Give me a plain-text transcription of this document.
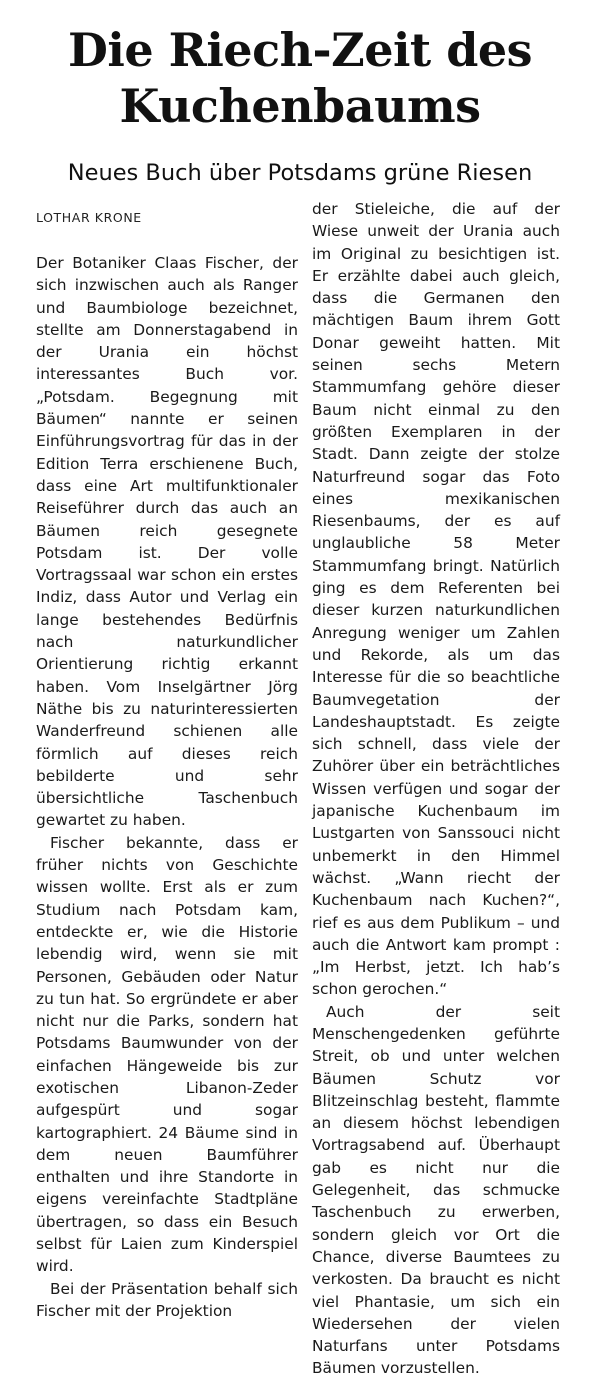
Die Riech-Zeit des Kuchenbaums
Neues Buch über Potsdams grüne Riesen
LOTHAR KRONE

Der Botaniker Claas Fischer, der sich inzwischen auch als Ranger und Baumbiologe bezeichnet, stellte am Donnerstagabend in der Urania ein höchst interessantes Buch vor. „Potsdam. Begegnung mit Bäumen“ nannte er seinen Einführungsvortrag für das in der Edition Terra erschienene Buch, dass eine Art multifunktionaler Reiseführer durch das auch an Bäumen reich gesegnete Potsdam ist. Der volle Vortragssaal war schon ein erstes Indiz, dass Autor und Verlag ein lange bestehendes Bedürfnis nach naturkundlicher Orientierung richtig erkannt haben. Vom Inselgärtner Jörg Näthe bis zu naturinteressierten Wanderfreund schienen alle förmlich auf dieses reich bebilderte und sehr übersichtliche Taschenbuch gewartet zu haben.

Fischer bekannte, dass er früher nichts von Geschichte wissen wollte. Erst als er zum Studium nach Potsdam kam, entdeckte er, wie die Historie lebendig wird, wenn sie mit Personen, Gebäuden oder Natur zu tun hat. So ergründete er aber nicht nur die Parks, sondern hat Potsdams Baumwunder von der einfachen Hängeweide bis zur exotischen Libanon-Zeder aufgespürt und sogar kartographiert. 24 Bäume sind in dem neuen Baumführer enthalten und ihre Standorte in eigens vereinfachte Stadtpläne übertragen, so dass ein Besuch selbst für Laien zum Kinderspiel wird.

Bei der Präsentation behalf sich Fischer mit der Projektion

der Stieleiche, die auf der Wiese unweit der Urania auch im Original zu besichtigen ist. Er erzählte dabei auch gleich, dass die Germanen den mächtigen Baum ihrem Gott Donar geweiht hatten. Mit seinen sechs Metern Stammumfang gehöre dieser Baum nicht einmal zu den größten Exemplaren in der Stadt. Dann zeigte der stolze Naturfreund sogar das Foto eines mexikanischen Riesenbaums, der es auf unglaubliche 58 Meter Stammumfang bringt. Natürlich ging es dem Referenten bei dieser kurzen naturkundlichen Anregung weniger um Zahlen und Rekorde, als um das Interesse für die so beachtliche Baumvegetation der Landeshauptstadt. Es zeigte sich schnell, dass viele der Zuhörer über ein beträchtliches Wissen verfügen und sogar der japanische Kuchenbaum im Lustgarten von Sanssouci nicht unbemerkt in den Himmel wächst. „Wann riecht der Kuchenbaum nach Kuchen?“, rief es aus dem Publikum – und auch die Antwort kam prompt : „Im Herbst, jetzt. Ich hab’s schon gerochen.“

Auch der seit Menschengedenken geführte Streit, ob und unter welchen Bäumen Schutz vor Blitzeinschlag besteht, flammte an diesem höchst lebendigen Vortragsabend auf. Überhaupt gab es nicht nur die Gelegenheit, das schmucke Taschenbuch zu erwerben, sondern gleich vor Ort die Chance, diverse Baumtees zu verkosten. Da braucht es nicht viel Phantasie, um sich ein Wiedersehen der vielen Naturfans unter Potsdams Bäumen vorzustellen.
